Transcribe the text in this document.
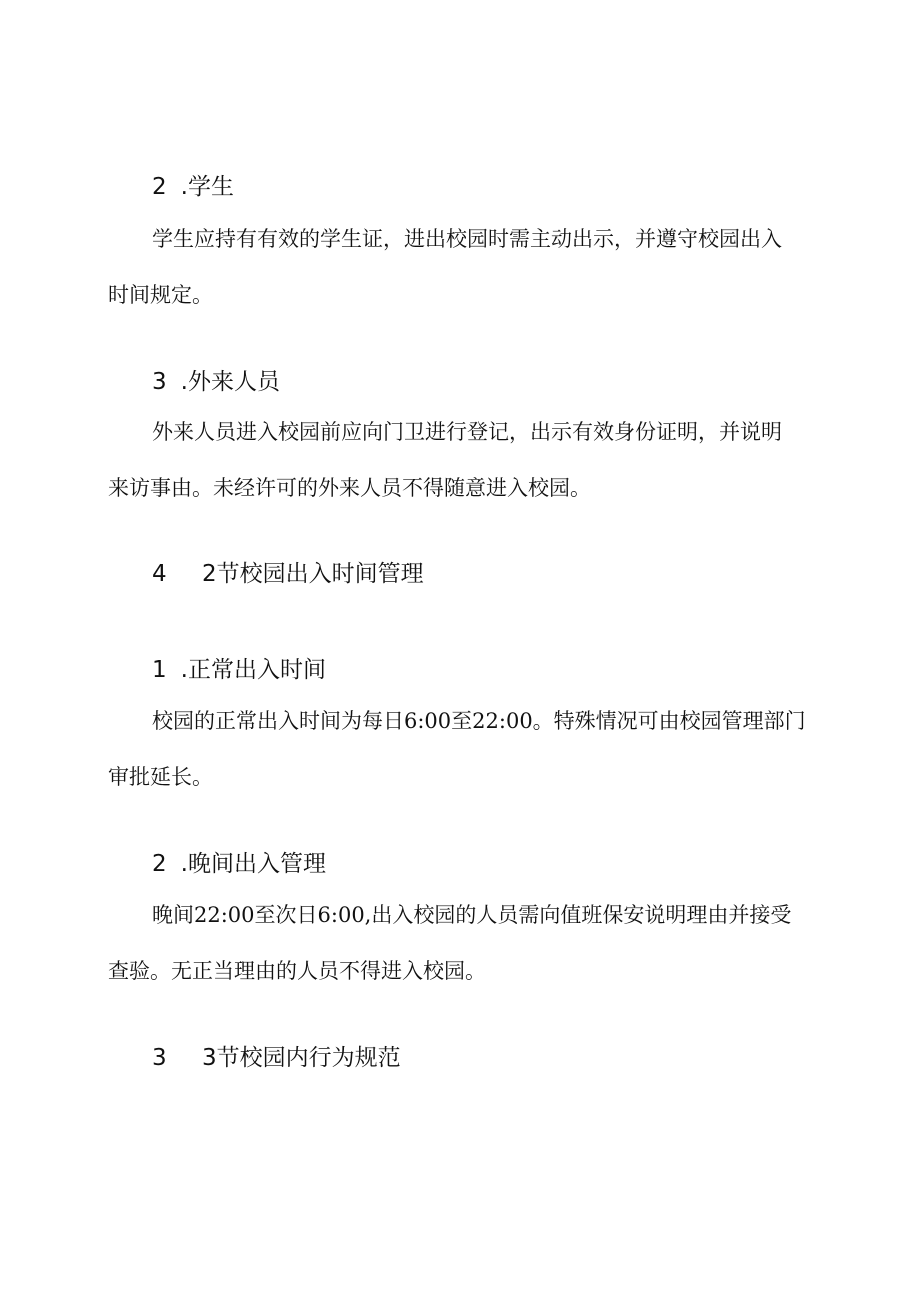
2 .学生
学生应持有有效的学生证，进出校园时需主动出示，并遵守校园出入
时间规定。
3 .外来人员
外来人员进入校园前应向门卫进行登记，出示有效身份证明，并说明
来访事由。未经许可的外来人员不得随意进入校园。
4 2节校园出入时间管理
1 .正常出入时间
校园的正常出入时间为每日6:00至22:00。特殊情况可由校园管理部门
审批延长。
2 .晚间出入管理
晚间22:00至次日6:00,出入校园的人员需向值班保安说明理由并接受
查验。无正当理由的人员不得进入校园。
3 3节校园内行为规范
